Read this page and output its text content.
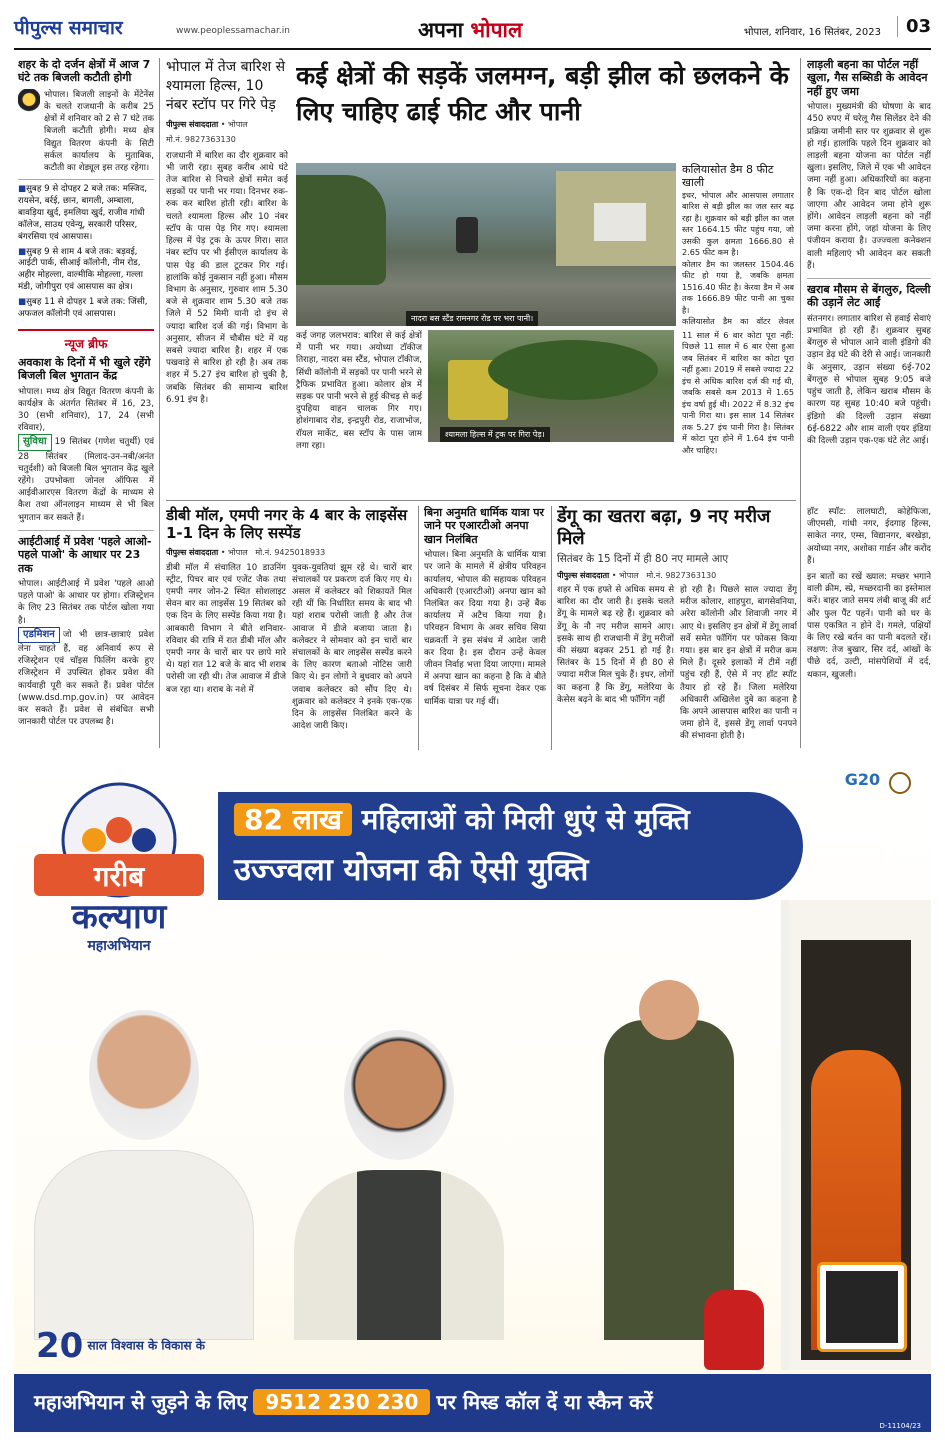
पीपुल्स समाचार	www.peoplessamachar.in	अपना भोपाल	भोपाल, शनिवार, 16 सितंबर, 2023	03
शहर के दो दर्जन क्षेत्रों में आज 7 घंटे तक बिजली कटौती होगी
भोपाल। बिजली लाइनों के मेंटेनेंस के चलते राजधानी के करीब 25 क्षेत्रों में शनिवार को 2 से 7 घंटे तक बिजली कटौती होगी। मध्य क्षेत्र विद्युत वितरण कंपनी के सिटी सर्कल कार्यालय के मुताबिक, कटौती का शेड्यूल इस तरह रहेगा।
■ सुबह 9 से दोपहर 2 बजे तक: मस्जिद, रायसेन, बर्रई, छान, बागली, अम्बाला, बावड़िया खुर्द, इमलिया खुर्द, राजीव गांधी कॉलेज, साउथ एवेन्यू, सरकारी परिसर, बंगरसिया एवं आसपास।
■ सुबह 9 से शाम 4 बजे तक: बड़वई, आईटी पार्क, सीआई कॉलोनी, नीम रोड, अहीर मोहल्ला, वाल्मीकि मोहल्ला, गल्ला मंडी, जोगीपुरा एवं आसपास का क्षेत्र।
■ सुबह 11 से दोपहर 1 बजे तक: जिंसी, अफजल कॉलोनी एवं आसपास।
न्यूज ब्रीफ
अवकाश के दिनों में भी खुले रहेंगे बिजली बिल भुगतान केंद्र
भोपाल। मध्य क्षेत्र विद्युत वितरण कंपनी के कार्यक्षेत्र के अंतर्गत सितंबर में 16, 23, 30 (सभी शनिवार), 17, 24 (सभी रविवार),
सुविधा 19 सितंबर (गणेश चतुर्थी) एवं 28 सितंबर (मिलाद-उन-नबी/अनंत चतुर्दशी) को बिजली बिल भुगतान केंद्र खुले रहेंगे। उपभोक्ता जोनल ऑफिस में आईवीआरएस वितरण केंद्रों के माध्यम से कैश तथा ऑनलाइन माध्यम से भी बिल भुगतान कर सकते हैं।
आईटीआई में प्रवेश 'पहले आओ-पहले पाओ' के आधार पर 23 तक
भोपाल। आईटीआई में प्रवेश 'पहले आओ पहले पाओ' के आधार पर होगा। रजिस्ट्रेशन के लिए 23 सितंबर तक पोर्टल खोला गया है।
एडमिशन जो भी छात्र-छात्राएं प्रवेश लेना चाहते हैं, वह अनिवार्य रूप से रजिस्ट्रेशन एवं चॉइस फिलिंग करके हुए रजिस्ट्रेशन में उपस्थित होकर प्रवेश की कार्यवाही पूरी कर सकते हैं। प्रवेश पोर्टल (www.dsd.mp.gov.in) पर आवेदन कर सकते हैं। प्रवेश से संबंधित सभी जानकारी पोर्टल पर उपलब्ध है।
भोपाल में तेज बारिश से श्यामला हिल्स, 10 नंबर स्टॉप पर गिरे पेड़
पीपुल्स संवाददाता • भोपाल
मो.नं. 9827363130
राजधानी में बारिश का दौर शुक्रवार को भी जारी रहा। सुबह करीब आधे घंटे तेज बारिश से निचले क्षेत्रों समेत कई सड़कों पर पानी भर गया। दिनभर रुक-रुक कर बारिश होती रही। बारिश के चलते श्यामला हिल्स और 10 नंबर स्टॉप के पास पेड़ गिर गए। श्यामला हिल्स में पेड़ ट्रक के ऊपर गिरा। सात नंबर स्टॉप पर भी ईसीएल कार्यालय के पास पेड़ की डाल टूटकर गिर गई। हालांकि कोई नुकसान नहीं हुआ। मौसम विभाग के अनुसार, गुरुवार शाम 5.30 बजे से शुक्रवार शाम 5.30 बजे तक जिले में 52 मिमी यानी दो इंच से ज्यादा बारिश दर्ज की गई। विभाग के अनुसार, सीजन में चौबीस घंटे में यह सबसे ज्यादा बारिश है। शहर में एक पखवाड़े से बारिश हो रही है। अब तक शहर में 5.27 इंच बारिश हो चुकी है, जबकि सितंबर की सामान्य बारिश 6.91 इंच है।
कई क्षेत्रों की सड़कें जलमग्न, बड़ी झील को छलकने के लिए चाहिए ढाई फीट और पानी
नादरा बस स्टैंड रामनगर रोड पर भरा पानी।
कलियासोत डैम 8 फीट खाली
इधर, भोपाल और आसपास लगातार बारिश से बड़ी झील का जल स्तर बढ़ रहा है। शुक्रवार को बड़ी झील का जल स्तर 1664.15 फीट पहुंच गया, जो उसकी कुल क्षमता 1666.80 से 2.65 फीट कम है।
कोलार डैम का जलस्तर 1504.46 फीट हो गया है, जबकि क्षमता 1516.40 फीट है। केरवा डैम में अब तक 1666.89 फीट पानी आ चुका है।
कलियासोत डैम का वॉटर लेवल
कई जगह जलभराव: बारिश से कई क्षेत्रों में पानी भर गया। अयोध्या टॉकीज तिराहा, नादरा बस स्टैंड, भोपाल टॉकीज, सिंधी कॉलोनी में सड़कों पर पानी भरने से ट्रैफिक प्रभावित हुआ। कोलार क्षेत्र में सड़क पर पानी भरने से हुई कीचड़ से कई दुपहिया वाहन चालक गिर गए। होशंगाबाद रोड, इन्द्रपुरी रोड, राजाभोज, रॉयल मार्केट, बस स्टॉप के पास जाम लगा रहा।
श्यामला हिल्स में ट्रक पर गिरा पेड़।
11 साल में 6 बार कोटा पूरा नहीं: पिछले 11 साल में 6 बार ऐसा हुआ जब सितंबर में बारिश का कोटा पूरा नहीं हुआ। 2019 में सबसे ज्यादा 22 इंच से अधिक बारिश दर्ज की गई थी, जबकि सबसे कम 2013 में 1.65 इंच वर्षा हुई थी। 2022 में 8.32 इंच पानी गिरा था। इस साल 14 सितंबर तक 5.27 इंच पानी गिरा है। सितंबर में कोटा पूरा होने में 1.64 इंच पानी और चाहिए।
लाड़ली बहना का पोर्टल नहीं खुला, गैस सब्सिडी के आवेदन नहीं हुए जमा
भोपाल। मुख्यमंत्री की घोषणा के बाद 450 रुपए में घरेलू गैस सिलेंडर देने की प्रक्रिया जमीनी स्तर पर शुक्रवार से शुरू हो गई। हालांकि पहले दिन शुक्रवार को लाड़ली बहना योजना का पोर्टल नहीं खुला। इसलिए, जिले में एक भी आवेदन जमा नहीं हुआ। अधिकारियों का कहना है कि एक-दो दिन बाद पोर्टल खोला जाएगा और आवेदन जमा होने शुरू होंगे। आवेदन लाड़ली बहना को नहीं जमा करना होंगे, जहां योजना के लिए पंजीयन कराया है। उज्ज्वला कनेक्शन वाली महिलाएं भी आवेदन कर सकती हैं।
खराब मौसम से बेंगलुरु, दिल्ली की उड़ानें लेट आईं
संतनगर। लगातार बारिश से हवाई सेवाएं प्रभावित हो रही हैं। शुक्रवार सुबह बेंगलुरु से भोपाल आने वाली इंडिगो की उड़ान डेढ़ घंटे की देरी से आई। जानकारी के अनुसार, उड़ान संख्या 6ई-702 बेंगलुरु से भोपाल सुबह 9:05 बजे पहुंच जाती है, लेकिन खराब मौसम के कारण यह सुबह 10:40 बजे पहुंची। इंडिगो की दिल्ली उड़ान संख्या 6ई-6822 और शाम वाली एयर इंडिया की दिल्ली उड़ान एक-एक घंटे लेट आई।
डीबी मॉल, एमपी नगर के 4 बार के लाइसेंस 1-1 दिन के लिए सस्पेंड
पीपुल्स संवाददाता • भोपाल मो.नं. 9425018933
डीबी मॉल में संचालित 10 डाउनिंग स्ट्रीट, पिचर बार एवं एजेंट जैक तथा एमपी नगर जोन-2 स्थित सोशलाइट सेवन बार का लाइसेंस 19 सितंबर को एक दिन के लिए सस्पेंड किया गया है। आबकारी विभाग ने बीते शनिवार-रविवार की रात्रि में रात डीबी मॉल और एमपी नगर के चारों बार पर छापे मारे थे। यहां रात 12 बजे के बाद भी शराब परोसी जा रही थी। तेज आवाज में डीजे बज रहा था। शराब के नशे में
युवक-युवतियां झूम रहे थे। चारों बार संचालकों पर प्रकरण दर्ज किए गए थे। असल में कलेक्टर को शिकायतें मिल रही थीं कि निर्धारित समय के बाद भी यहां शराब परोसी जाती है और तेज आवाज में डीजे बजाया जाता है। कलेक्टर ने सोमवार को इन चारों बार संचालकों के बार लाइसेंस सस्पेंड करने के लिए कारण बताओ नोटिस जारी किए थे। इन लोगों ने बुधवार को अपने जवाब कलेक्टर को सौंप दिए थे। शुक्रवार को कलेक्टर ने इनके एक-एक दिन के लाइसेंस निलंबित करने के आदेश जारी किए।
बिना अनुमति धार्मिक यात्रा पर जाने पर एआरटीओ अनपा खान निलंबित
भोपाल। बिना अनुमति के धार्मिक यात्रा पर जाने के मामले में क्षेत्रीय परिवहन कार्यालय, भोपाल की सहायक परिवहन अधिकारी (एआरटीओ) अनपा खान को निलंबित कर दिया गया है। उन्हें बैंक कार्यालय में अटैच किया गया है। परिवहन विभाग के अवर सचिव सिया चक्रवर्ती ने इस संबंध में आदेश जारी कर दिया है। इस दौरान उन्हें केवल जीवन निर्वाह भत्ता दिया जाएगा। मामले में अनपा खान का कहना है कि वे बीते वर्ष दिसंबर में सिर्फ सूचना देकर एक धार्मिक यात्रा पर गई थीं।
डेंगू का खतरा बढ़ा, 9 नए मरीज मिले
सितंबर के 15 दिनों में ही 80 नए मामले आए
पीपुल्स संवाददाता • भोपाल मो.नं. 9827363130
शहर में एक हफ्ते से अधिक समय से बारिश का दौर जारी है। इसके चलते डेंगू के मामले बढ़ रहे हैं। शुक्रवार को डेंगू के नौ नए मरीज सामने आए। इसके साथ ही राजधानी में डेंगू मरीजों की संख्या बढ़कर 251 हो गई है। सितंबर के 15 दिनों में ही 80 से ज्यादा मरीज मिल चुके हैं। इधर, लोगों का कहना है कि डेंगू, मलेरिया के केसेस बढ़ने के बाद भी फॉगिंग नहीं
हो रही है। पिछले साल ज्यादा डेंगू मरीज कोलार, शाहपुरा, बागसेवनिया, अरेरा कॉलोनी और शिवाजी नगर में आए थे। इसलिए इन क्षेत्रों में डेंगू लार्वा सर्वे समेत फॉगिंग पर फोकस किया गया। इस बार इन क्षेत्रों में मरीज कम मिले हैं। दूसरे इलाकों में टीमें नहीं पहुंच रही हैं, ऐसे में नए हॉट स्पॉट तैयार हो रहे हैं। जिला मलेरिया अधिकारी अखिलेश दुबे का कहना है कि अपने आसपास बारिश का पानी न जमा होने दें, इससे डेंगू लार्वा पनपने की संभावना होती है।
हॉट स्पॉट: लालघाटी, कोहेफिजा, जीएमसी, गांधी नगर, ईदगाह हिल्स, साकेत नगर, एम्स, विद्यानगर, बरखेड़ा, अयोध्या नगर, अशोका गार्डन और करोंद हैं।
इन बातों का रखें ख्याल: मच्छर भगाने वाली क्रीम, स्प्रे, मच्छरदानी का इस्तेमाल करें। बाहर जाते समय लंबी बाजू की शर्ट और फुल पैंट पहनें। पानी को घर के पास एकत्रित न होने दें। गमले, पक्षियों के लिए रखे बर्तन का पानी बदलते रहें। लक्षण: तेज बुखार, सिर दर्द, आंखों के पीछे दर्द, उल्टी, मांसपेशियों में दर्द, थकान, खुजली।
गरीब
कल्याण
महाअभियान
82 लाख महिलाओं को मिली धुएं से मुक्ति
उज्ज्वला योजना की ऐसी युक्ति
G20
20 साल विश्वास के विकास के
महाअभियान से जुड़ने के लिए 9512 230 230 पर मिस्ड कॉल दें या स्कैन करें
D-11104/23
